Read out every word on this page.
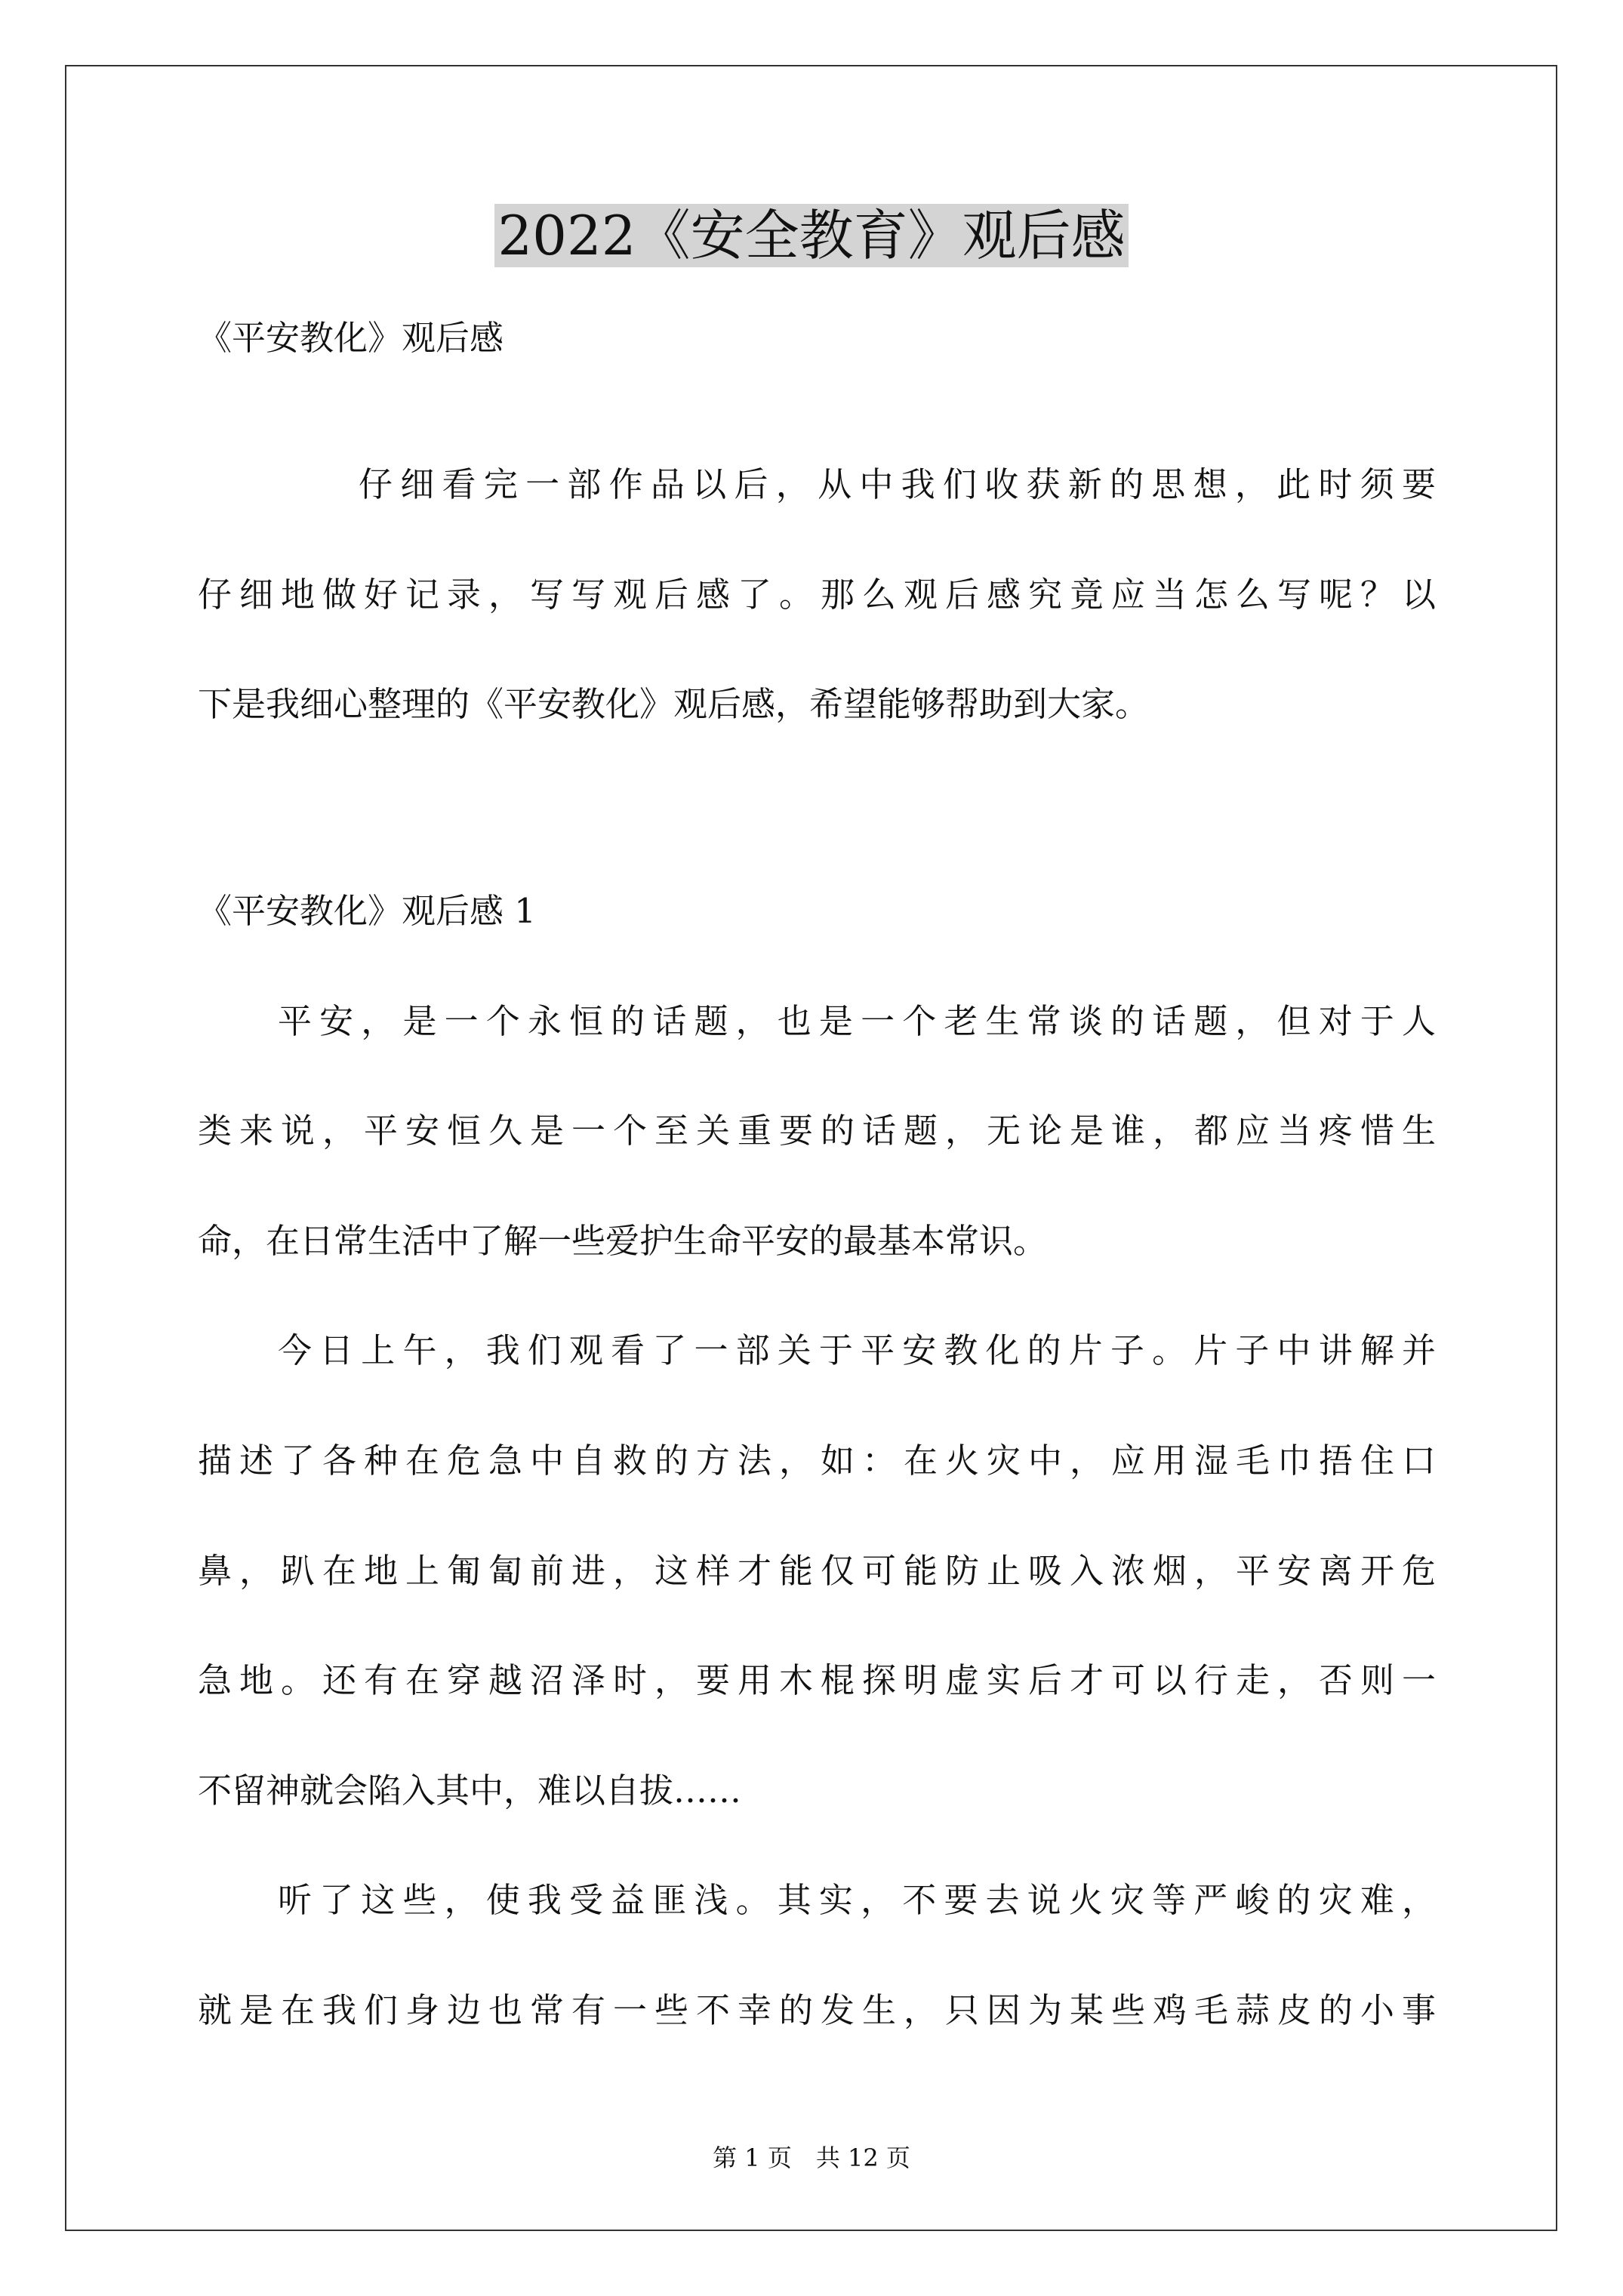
2022《安全教育》观后感

《平安教化》观后感

仔细看完一部作品以后，从中我们收获新的思想，此时须要

仔细地做好记录，写写观后感了。那么观后感究竟应当怎么写呢？以

下是我细心整理的《平安教化》观后感，希望能够帮助到大家。

《平安教化》观后感 1

平安，是一个永恒的话题，也是一个老生常谈的话题，但对于人

类来说，平安恒久是一个至关重要的话题，无论是谁，都应当疼惜生

命，在日常生活中了解一些爱护生命平安的最基本常识。

今日上午，我们观看了一部关于平安教化的片子。片子中讲解并

描述了各种在危急中自救的方法，如：在火灾中，应用湿毛巾捂住口

鼻，趴在地上匍匐前进，这样才能仅可能防止吸入浓烟，平安离开危

急地。还有在穿越沼泽时，要用木棍探明虚实后才可以行走，否则一

不留神就会陷入其中，难以自拔……

听了这些，使我受益匪浅。其实，不要去说火灾等严峻的灾难，

就是在我们身边也常有一些不幸的发生，只因为某些鸡毛蒜皮的小事

第 1 页　共 12 页
